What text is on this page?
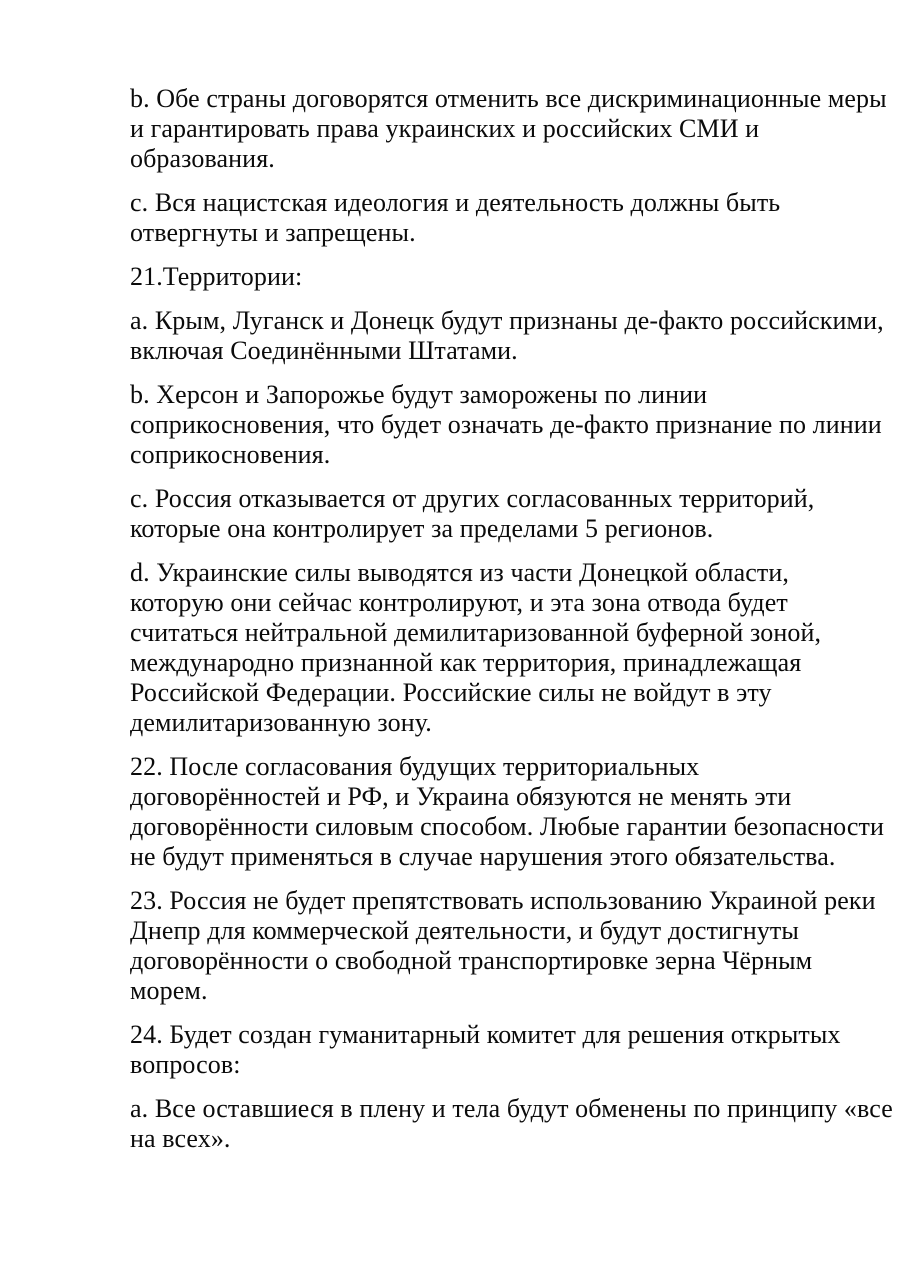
b. Обе страны договорятся отменить все дискриминационные меры
и гарантировать права украинских и российских СМИ и
образования.
c. Вся нацистская идеология и деятельность должны быть
отвергнуты и запрещены.
21.Территории:
a. Крым, Луганск и Донецк будут признаны де-факто российскими,
включая Соединёнными Штатами.
b. Херсон и Запорожье будут заморожены по линии
соприкосновения, что будет означать де-факто признание по линии
соприкосновения.
c. Россия отказывается от других согласованных территорий,
которые она контролирует за пределами 5 регионов.
d. Украинские силы выводятся из части Донецкой области,
которую они сейчас контролируют, и эта зона отвода будет
считаться нейтральной демилитаризованной буферной зоной,
международно признанной как территория, принадлежащая
Российской Федерации. Российские силы не войдут в эту
демилитаризованную зону.
22. После согласования будущих территориальных
договорённостей и РФ, и Украина обязуются не менять эти
договорённости силовым способом. Любые гарантии безопасности
не будут применяться в случае нарушения этого обязательства.
23. Россия не будет препятствовать использованию Украиной реки
Днепр для коммерческой деятельности, и будут достигнуты
договорённости о свободной транспортировке зерна Чёрным
морем.
24. Будет создан гуманитарный комитет для решения открытых
вопросов:
a. Все оставшиеся в плену и тела будут обменены по принципу «все
на всех».
